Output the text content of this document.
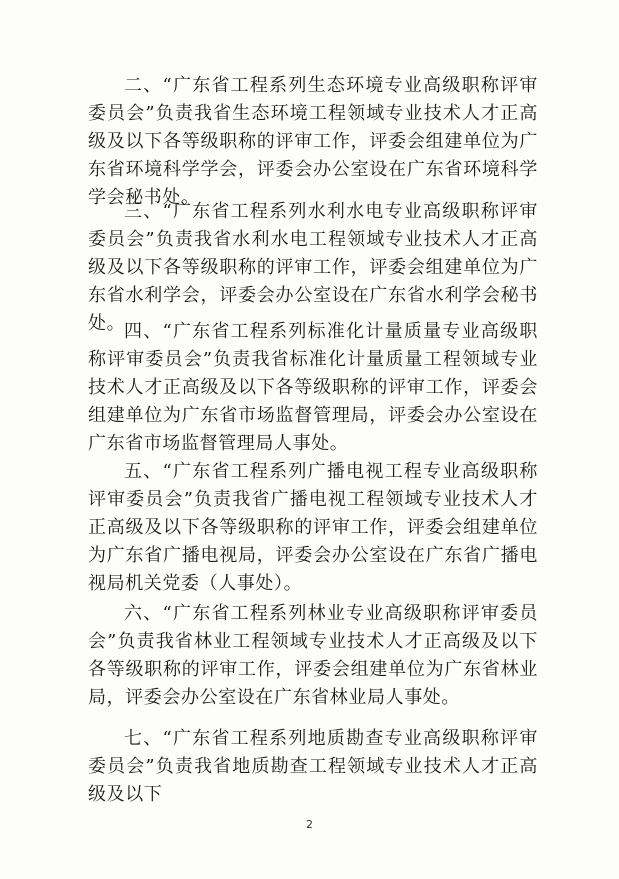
二、“广东省工程系列生态环境专业高级职称评审委员会”负责我省生态环境工程领域专业技术人才正高级及以下各等级职称的评审工作，评委会组建单位为广东省环境科学学会，评委会办公室设在广东省环境科学学会秘书处。

三、“广东省工程系列水利水电专业高级职称评审委员会”负责我省水利水电工程领域专业技术人才正高级及以下各等级职称的评审工作，评委会组建单位为广东省水利学会，评委会办公室设在广东省水利学会秘书处。

四、“广东省工程系列标准化计量质量专业高级职称评审委员会”负责我省标准化计量质量工程领域专业技术人才正高级及以下各等级职称的评审工作，评委会组建单位为广东省市场监督管理局，评委会办公室设在广东省市场监督管理局人事处。

五、“广东省工程系列广播电视工程专业高级职称评审委员会”负责我省广播电视工程领域专业技术人才正高级及以下各等级职称的评审工作，评委会组建单位为广东省广播电视局，评委会办公室设在广东省广播电视局机关党委（人事处）。

六、“广东省工程系列林业专业高级职称评审委员会”负责我省林业工程领域专业技术人才正高级及以下各等级职称的评审工作，评委会组建单位为广东省林业局，评委会办公室设在广东省林业局人事处。

七、“广东省工程系列地质勘查专业高级职称评审委员会”负责我省地质勘查工程领域专业技术人才正高级及以下

2
